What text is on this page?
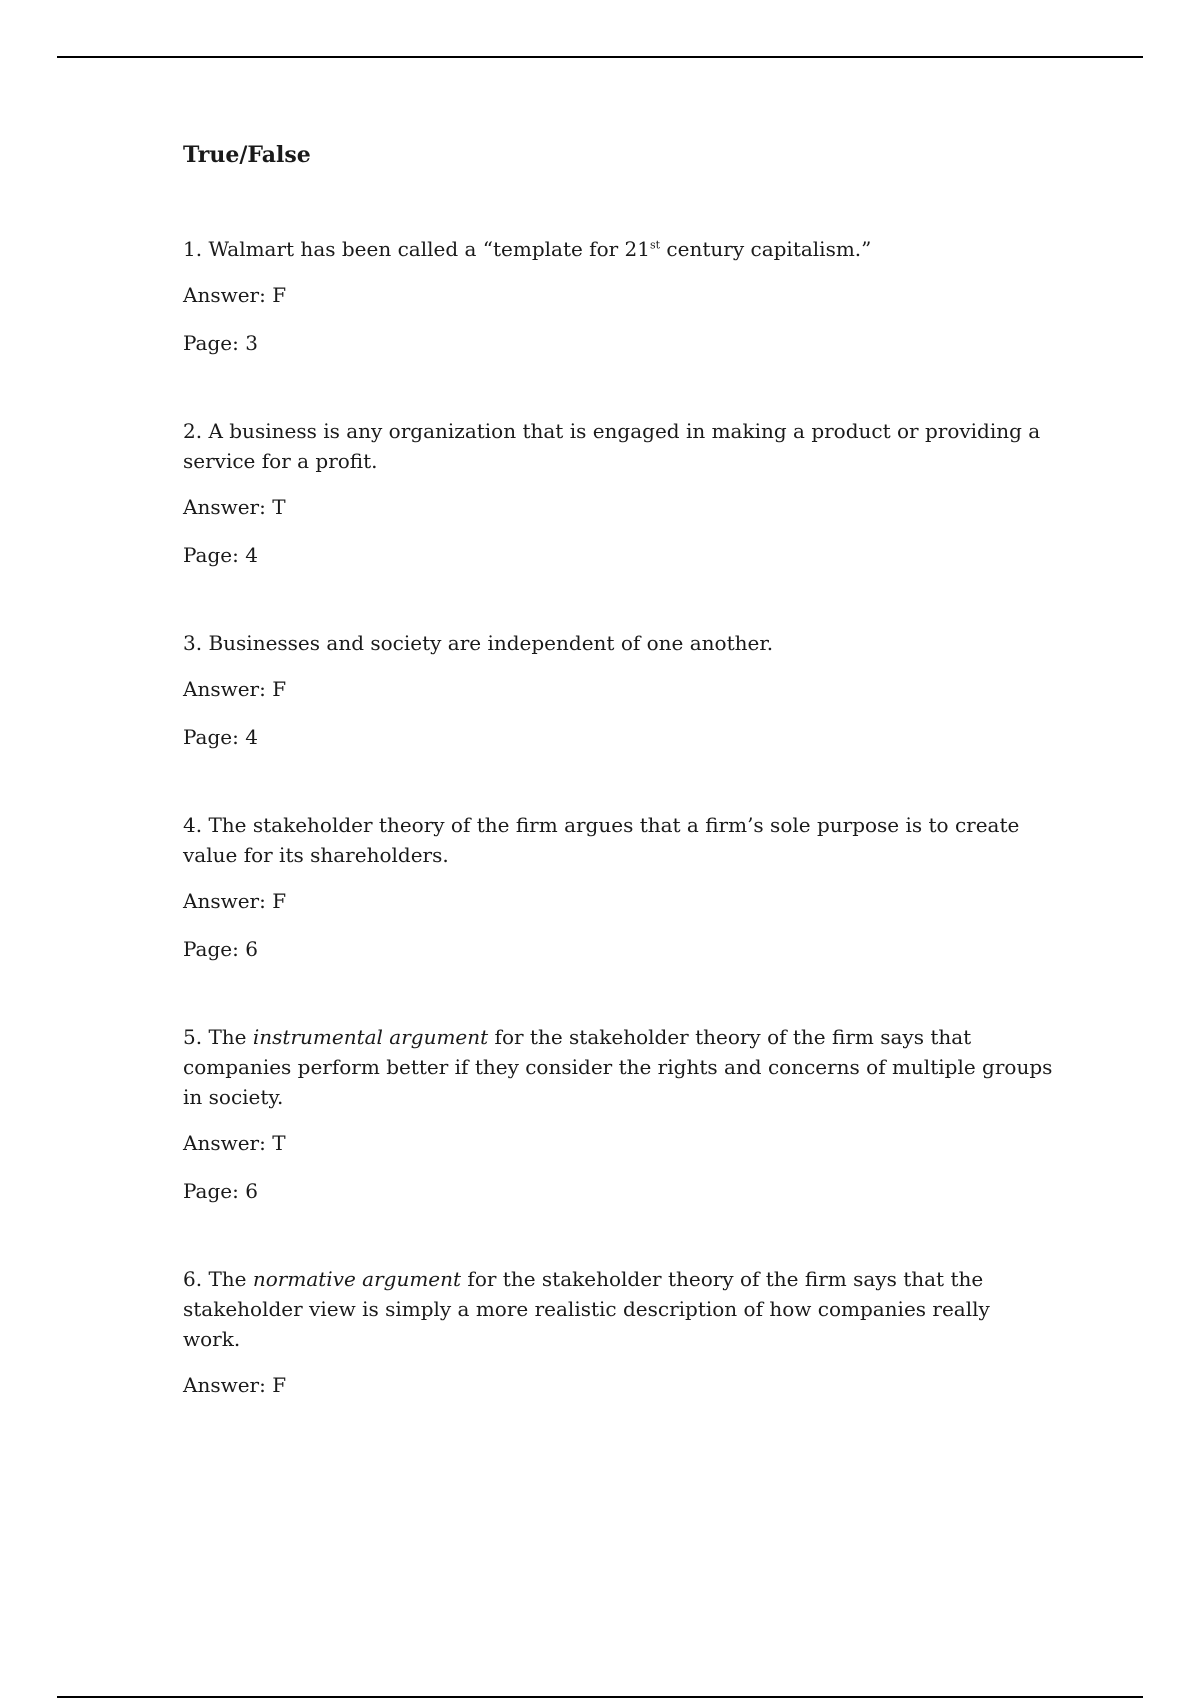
True/False

1. Walmart has been called a “template for 21st century capitalism.”

Answer: F

Page: 3

2. A business is any organization that is engaged in making a product or providing a service for a profit.

Answer: T

Page: 4

3. Businesses and society are independent of one another.

Answer: F

Page: 4

4. The stakeholder theory of the firm argues that a firm’s sole purpose is to create value for its shareholders.

Answer: F

Page: 6

5. The instrumental argument for the stakeholder theory of the firm says that companies perform better if they consider the rights and concerns of multiple groups in society.

Answer: T

Page: 6

6. The normative argument for the stakeholder theory of the firm says that the stakeholder view is simply a more realistic description of how companies really work.

Answer: F
